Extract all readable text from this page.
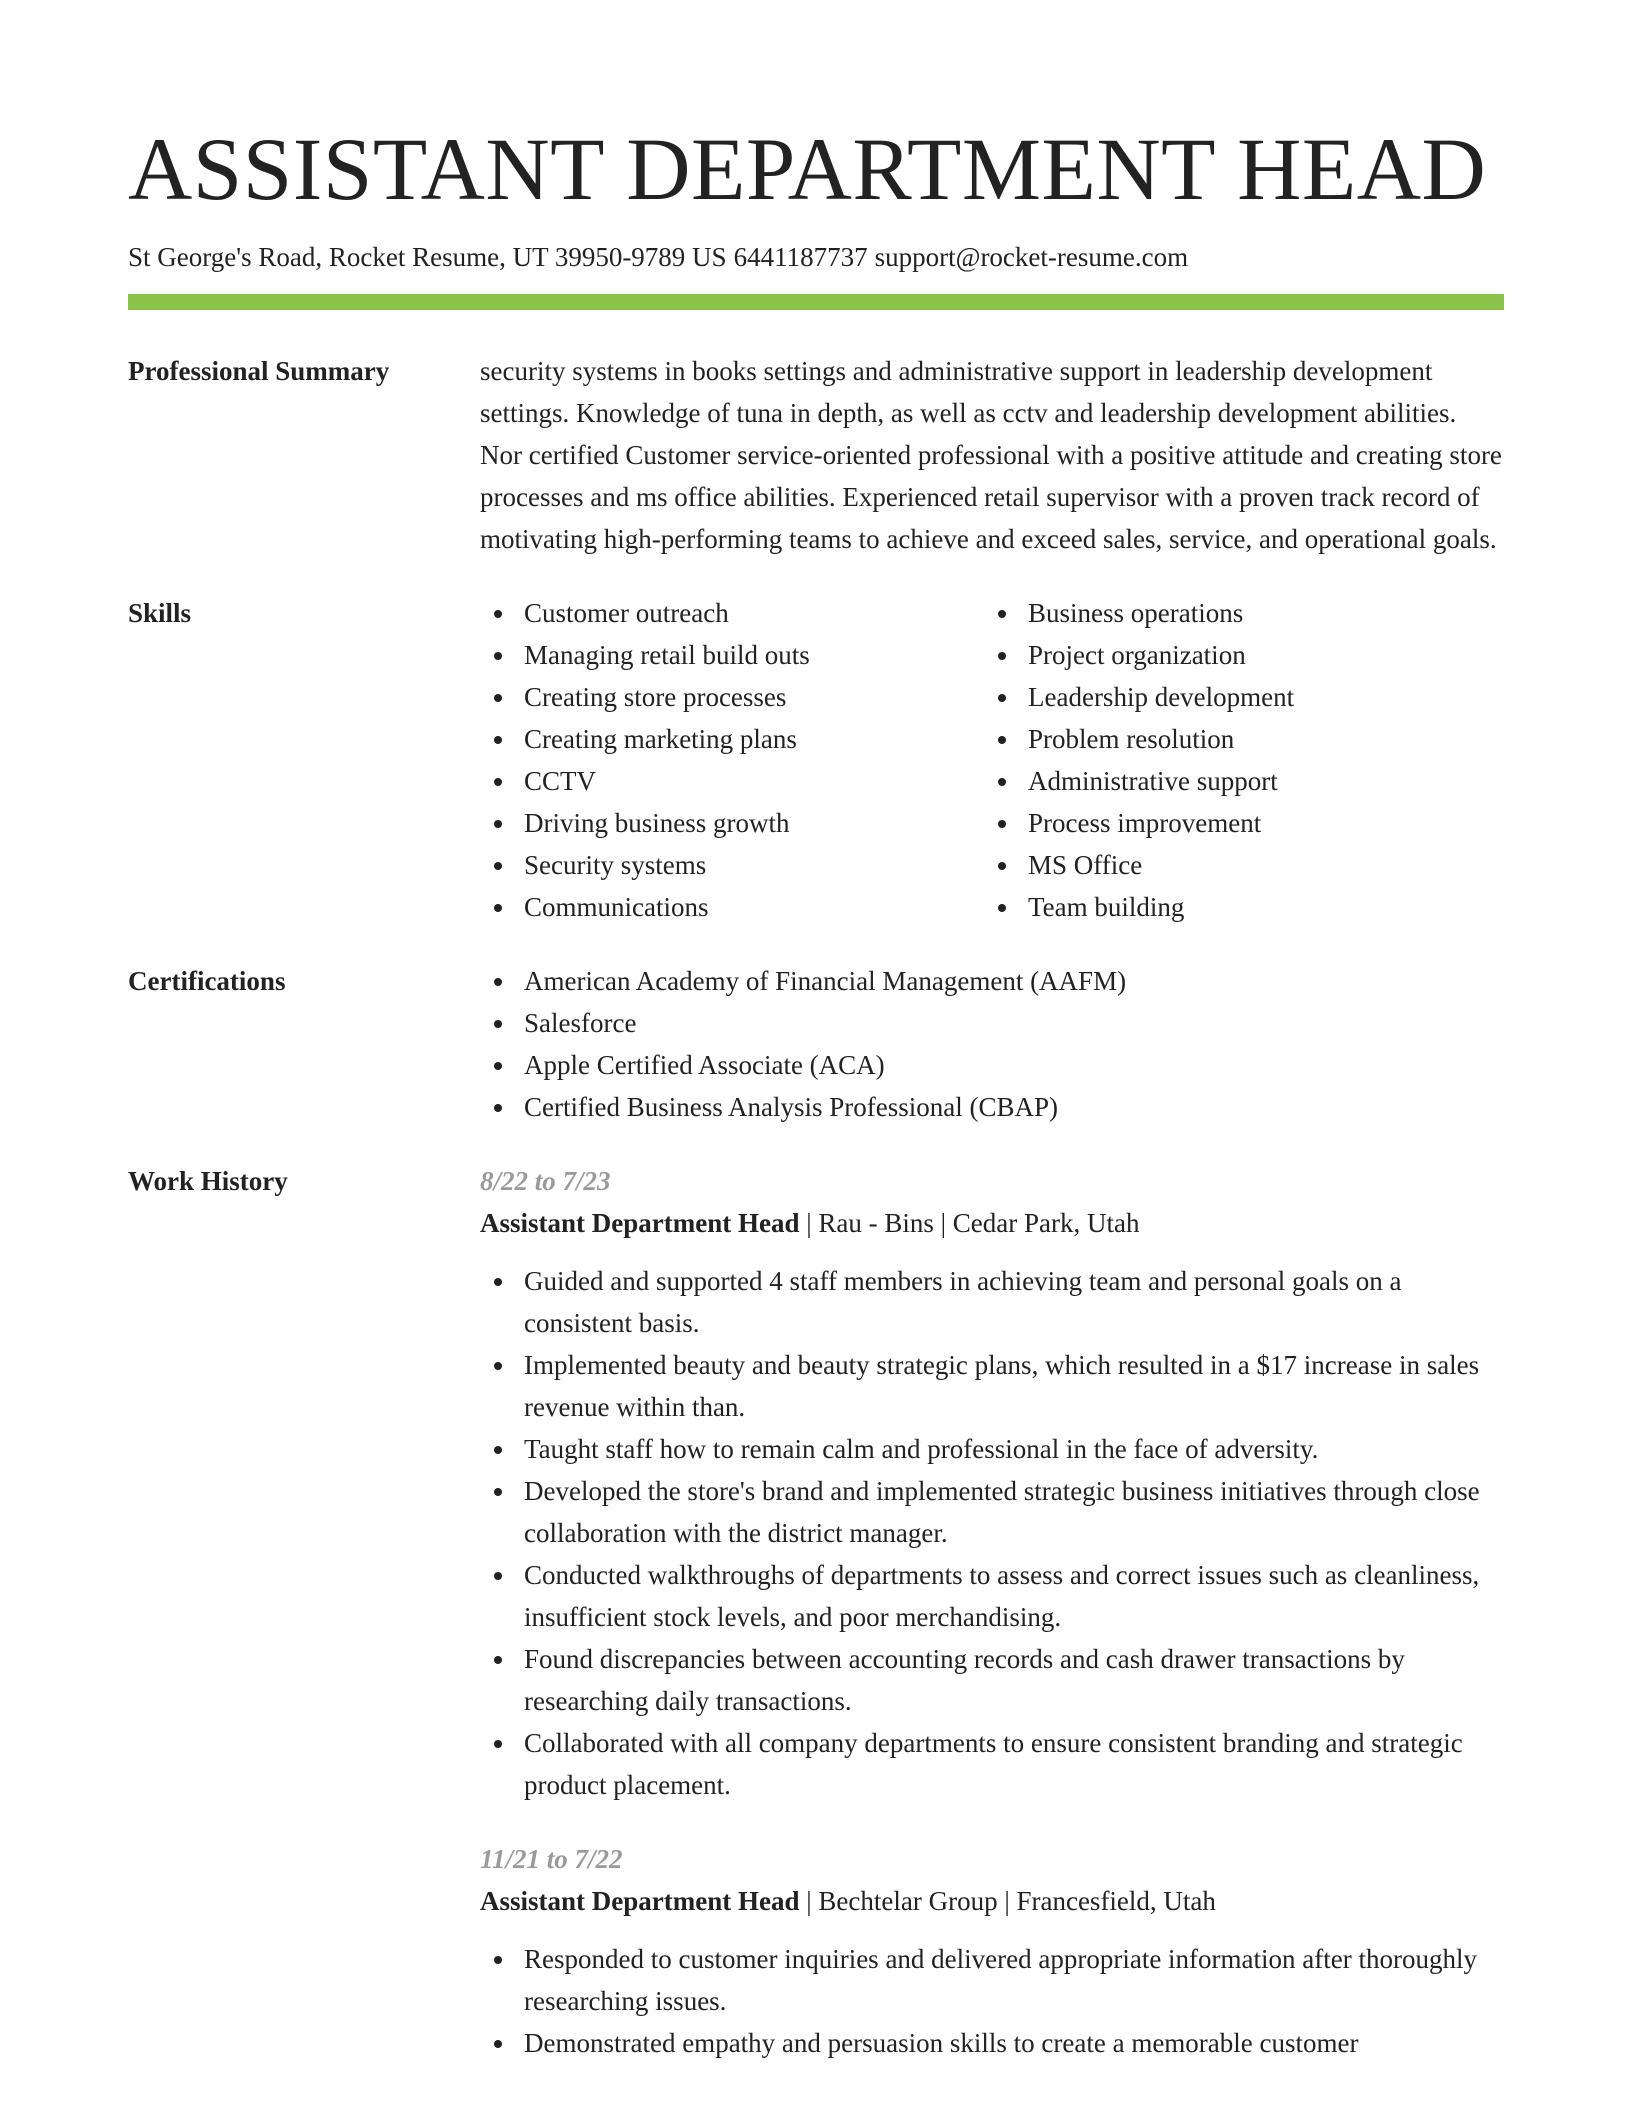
ASSISTANT DEPARTMENT HEAD
St George's Road, Rocket Resume, UT 39950-9789 US 6441187737 support@rocket-resume.com
Professional Summary	security systems in books settings and administrative support in leadership development settings. Knowledge of tuna in depth, as well as cctv and leadership development abilities. Nor certified Customer service-oriented professional with a positive attitude and creating store processes and ms office abilities. Experienced retail supervisor with a proven track record of motivating high-performing teams to achieve and exceed sales, service, and operational goals.

Skills	Customer outreach
Managing retail build outs
Creating store processes
Creating marketing plans
CCTV
Driving business growth
Security systems
Communications
Business operations
Project organization
Leadership development
Problem resolution
Administrative support
Process improvement
MS Office
Team building
Certifications	American Academy of Financial Management (AAFM)
Salesforce
Apple Certified Associate (ACA)
Certified Business Analysis Professional (CBAP)
Work History	8/22 to 7/23
Assistant Department Head | Rau - Bins | Cedar Park, Utah
Guided and supported 4 staff members in achieving team and personal goals on a consistent basis.
Implemented beauty and beauty strategic plans, which resulted in a $17 increase in sales revenue within than.
Taught staff how to remain calm and professional in the face of adversity.
Developed the store's brand and implemented strategic business initiatives through close collaboration with the district manager.
Conducted walkthroughs of departments to assess and correct issues such as cleanliness, insufficient stock levels, and poor merchandising.
Found discrepancies between accounting records and cash drawer transactions by researching daily transactions.
Collaborated with all company departments to ensure consistent branding and strategic product placement.
11/21 to 7/22
Assistant Department Head | Bechtelar Group | Francesfield, Utah
Responded to customer inquiries and delivered appropriate information after thoroughly researching issues.
Demonstrated empathy and persuasion skills to create a memorable customer
